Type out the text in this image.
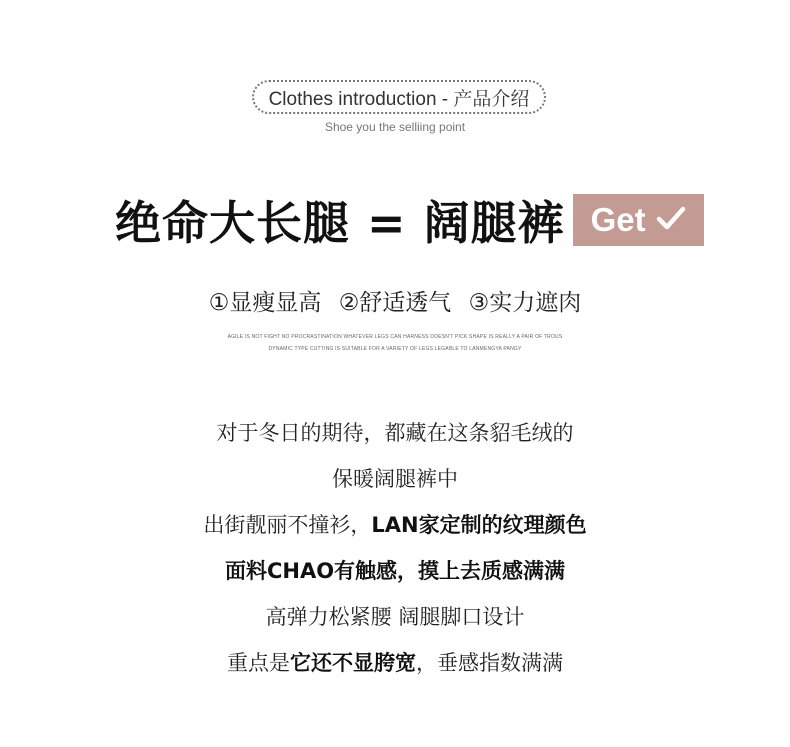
Clothes introduction - 产品介绍
Shoe you the selliing point
绝命大长腿 = 阔腿裤 Get
①显瘦显高 ②舒适透气 ③实力遮肉
AGILE IS NOT FIGHT NO PROCRASTINATION WHATEVER LEGS CAN HARNESS DOESN'T PICK SHAPE IS REALLY A PAIR OF TROUS
DYNAMIC TYPE CUTTING IS SUITABLE FOR A VARIETY OF LEGS LEGABLE TO LANMENGYA PANGY
对于冬日的期待，都藏在这条貂毛绒的
保暖阔腿裤中
出街靓丽不撞衫，LAN家定制的纹理颜色
面料CHAO有触感，摸上去质感满满
高弹力松紧腰 阔腿脚口设计
重点是它还不显胯宽，垂感指数满满
